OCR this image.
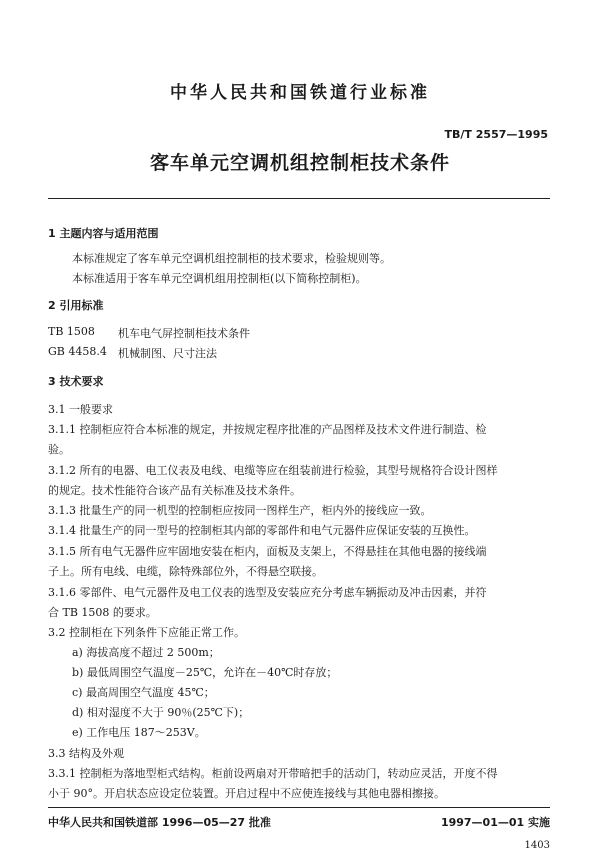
中华人民共和国铁道行业标准
TB/T 2557—1995
客车单元空调机组控制柜技术条件
1 主题内容与适用范围
本标准规定了客车单元空调机组控制柜的技术要求，检验规则等。
本标准适用于客车单元空调机组用控制柜(以下简称控制柜)。
2 引用标准
TB 1508 机车电气屏控制柜技术条件
GB 4458.4 机械制图、尺寸注法
3 技术要求
3.1 一般要求
3.1.1 控制柜应符合本标准的规定，并按规定程序批准的产品图样及技术文件进行制造、检
验。
3.1.2 所有的电器、电工仪表及电线、电缆等应在组装前进行检验，其型号规格符合设计图样
的规定。技术性能符合该产品有关标准及技术条件。
3.1.3 批量生产的同一机型的控制柜应按同一图样生产，柜内外的接线应一致。
3.1.4 批量生产的同一型号的控制柜其内部的零部件和电气元器件应保证安装的互换性。
3.1.5 所有电气无器件应牢固地安装在柜内，面板及支架上，不得悬挂在其他电器的接线端
子上。所有电线、电缆，除特殊部位外，不得悬空联接。
3.1.6 零部件、电气元器件及电工仪表的选型及安装应充分考虑车辆振动及冲击因素，并符
合 TB 1508 的要求。
3.2 控制柜在下列条件下应能正常工作。
a) 海拔高度不超过 2 500m；
b) 最低周围空气温度－25℃，允许在－40℃时存放；
c) 最高周围空气温度 45℃；
d) 相对湿度不大于 90％(25℃下)；
e) 工作电压 187～253V。
3.3 结构及外观
3.3.1 控制柜为落地型柜式结构。柜前设两扇对开带暗把手的活动门，转动应灵活，开度不得
小于 90°。开启状态应设定位装置。开启过程中不应使连接线与其他电器相擦接。
中华人民共和国铁道部 1996—05—27 批准	1997—01—01 实施
1403
